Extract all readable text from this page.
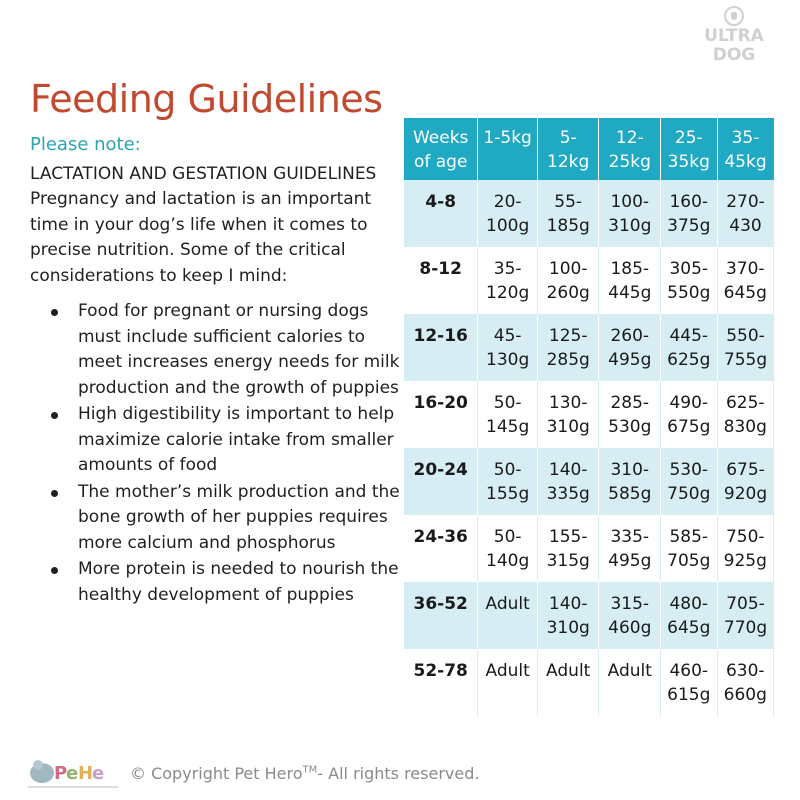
ULTRA
DOG
Feeding Guidelines

Please note:

LACTATION AND GESTATION GUIDELINES

Pregnancy and lactation is an important time in your dog’s life when it comes to precise nutrition. Some of the critical considerations to keep I mind:

Food for pregnant or nursing dogs must include sufficient calories to meet increases energy needs for milk production and the growth of puppies
High digestibility is important to help maximize calorie intake from smaller amounts of food
The mother’s milk production and the bone growth of her puppies requires more calcium and phosphorus
More protein is needed to nourish the healthy development of puppies
Weeks of age	1-5kg	5-12kg	12-25kg	25-35kg	35-45kg
4-8	20-100g	55-185g	100-310g	160-375g	270-430
8-12	35-120g	100-260g	185-445g	305-550g	370-645g
12-16	45-130g	125-285g	260-495g	445-625g	550-755g
16-20	50-145g	130-310g	285-530g	490-675g	625-830g
20-24	50-155g	140-335g	310-585g	530-750g	675-920g
24-36	50-140g	155-315g	335-495g	585-705g	750-925g
36-52	Adult	140-310g	315-460g	480-645g	705-770g
52-78	Adult	Adult	Adult	460-615g	630-660g
P
e H
e © Copyright Pet Hero™- All rights reserved.
